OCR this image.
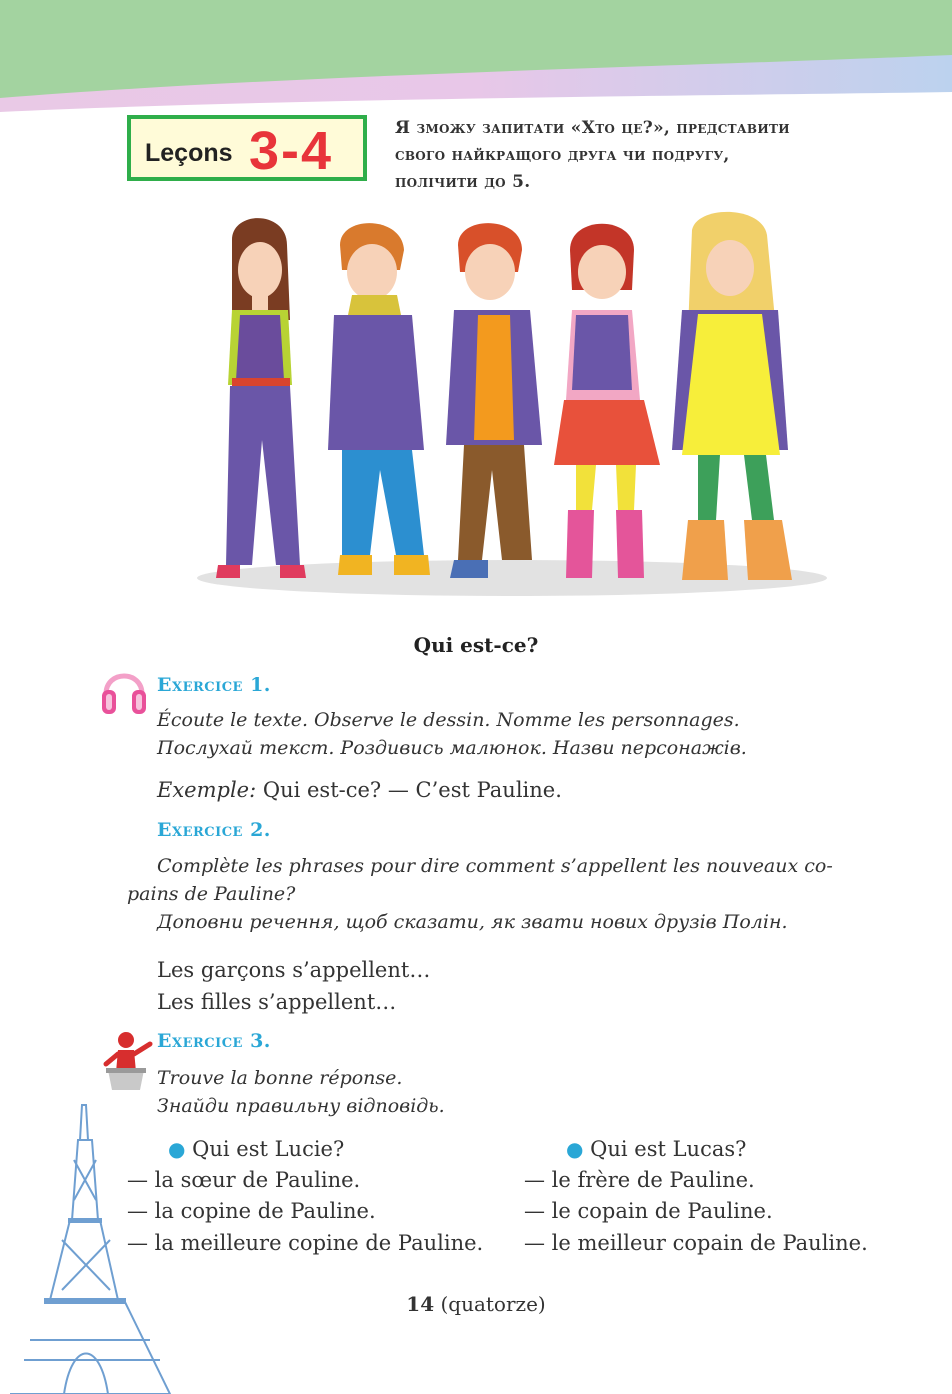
Leçons 3-4	Я зможу запитати «Хто це?», представити
свого найкращого друга чи подругу,
полічити до 5.
Qui est-ce?
Exercice 1.
Écoute le texte. Observe le dessin. Nomme les personnages.
Послухай текст. Роздивись малюнок. Назви персонажів.
Exemple: Qui est-ce? — C’est Pauline.
Exercice 2.
Complète les phrases pour dire comment s’appellent les nouveaux co-
pains de Pauline?
Доповни речення, щоб сказати, як звати нових друзів Полін.
Les garçons s’appellent…
Les filles s’appellent…
Exercice 3.
Trouve la bonne réponse.
Знайди правильну відповідь.
● Qui est Lucie?
— la sœur de Pauline.
— la copine de Pauline.
— la meilleure copine de Pauline.
● Qui est Lucas?
— le frère de Pauline.
— le copain de Pauline.
— le meilleur copain de Pauline.
14 (quatorze)
